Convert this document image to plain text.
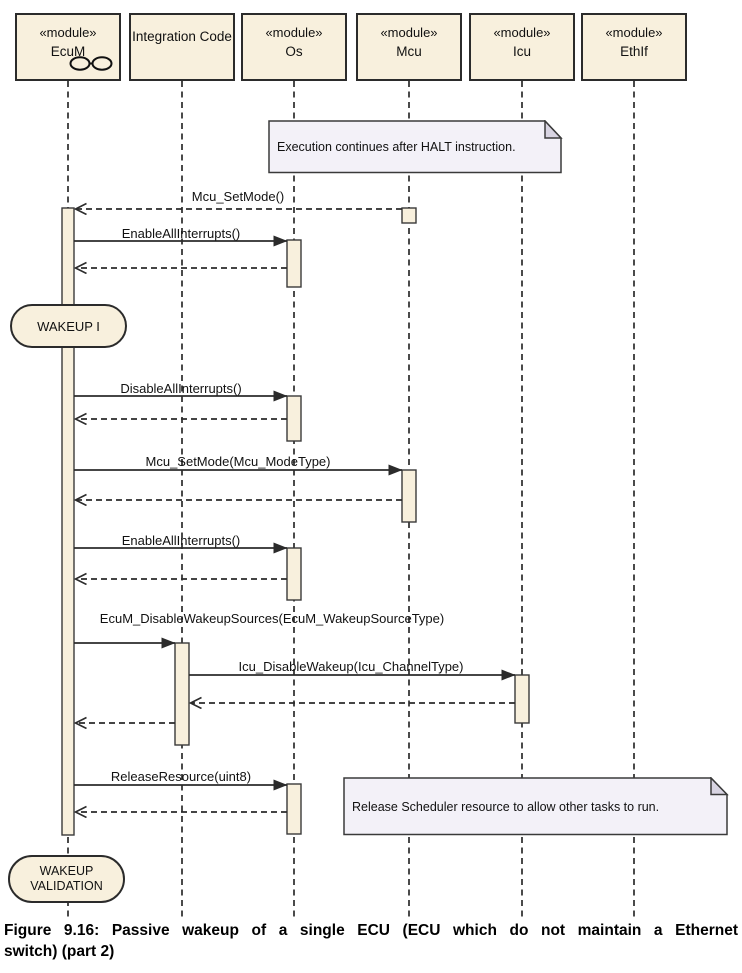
«module»
EcuM
Integration Code	«module»
Os
«module»
Mcu
«module»
Icu
«module»
EthIf
Execution continues after HALT instruction.
Release Scheduler resource to allow other tasks to run.
WAKEUP I
WAKEUP VALIDATION
Mcu_SetMode()
EnableAllInterrupts()
DisableAllInterrupts()
Mcu_SetMode(Mcu_ModeType)
EnableAllInterrupts()
EcuM_DisableWakeupSources(EcuM_WakeupSourceType)
Icu_DisableWakeup(Icu_ChannelType)
ReleaseResource(uint8)
Figure 9.16: Passive wakeup of a single ECU (ECU which do not maintain a Ethernet
switch) (part 2)
